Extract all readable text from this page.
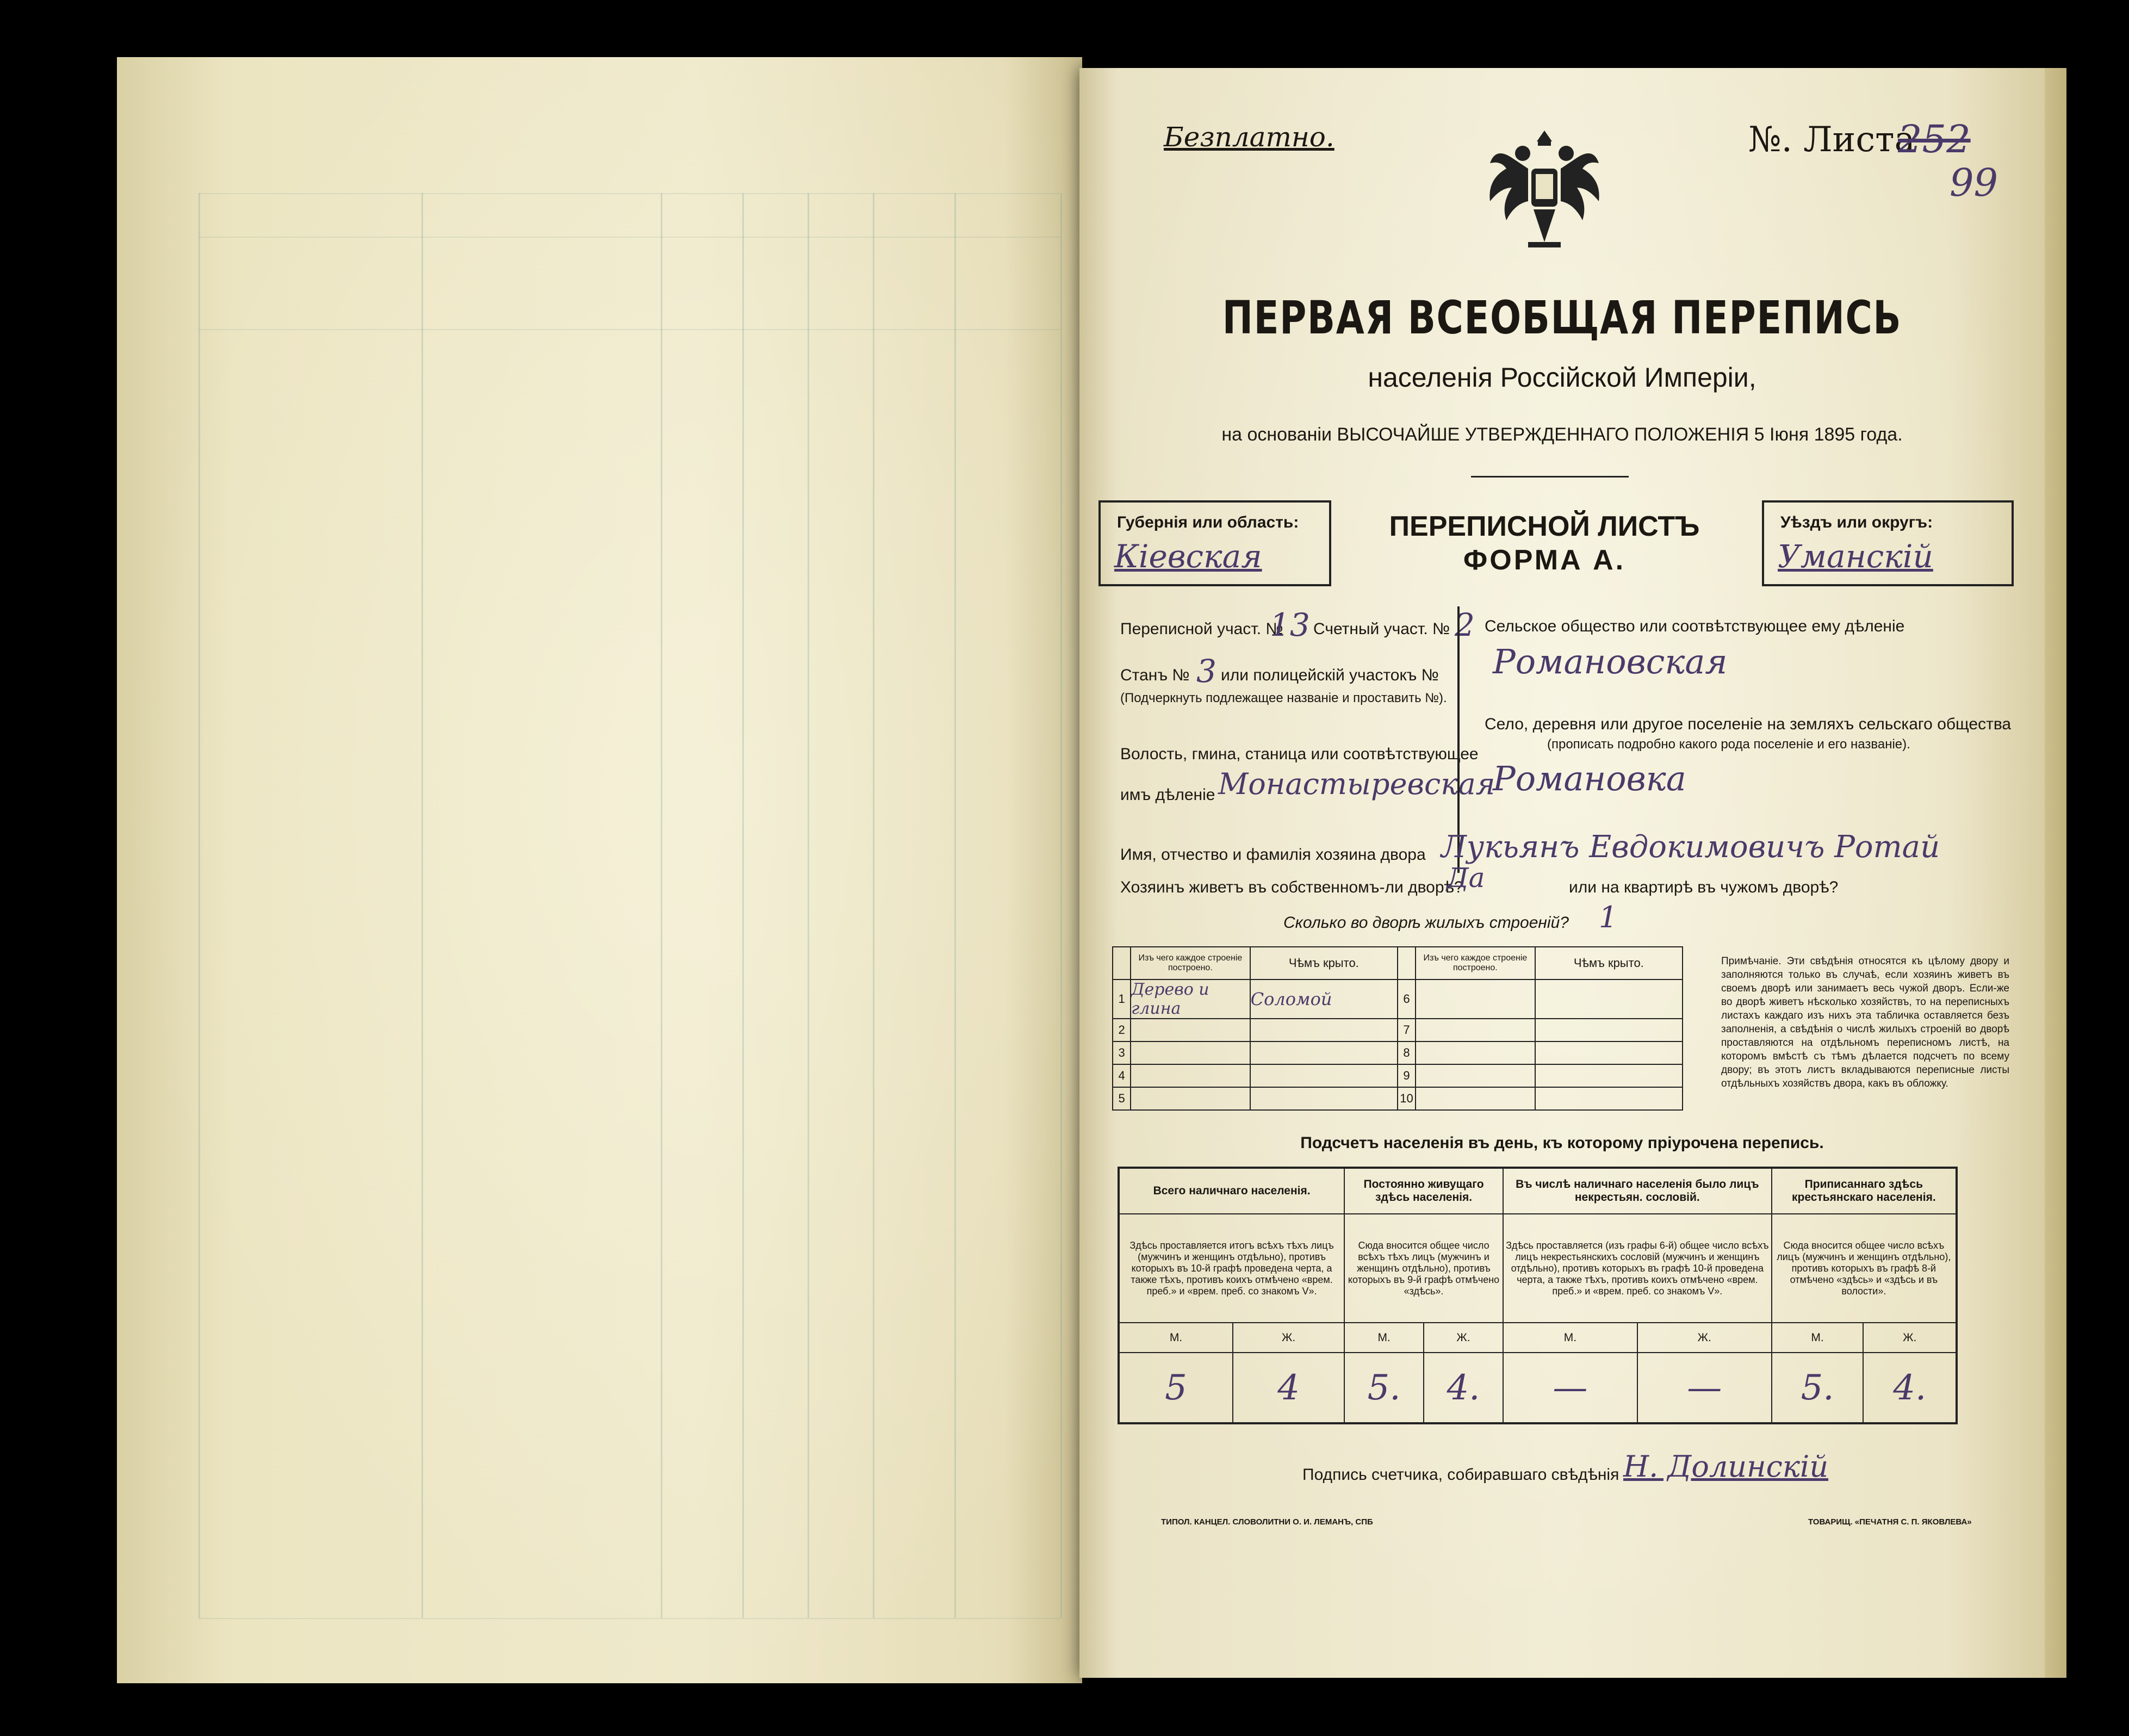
Безплатно.	№. Листа
252
99
ПЕРВАЯ ВСЕОБЩАЯ ПЕРЕПИСЬ
населенія Россійской Имперіи,
на основаніи ВЫСОЧАЙШЕ УТВЕРЖДЕННАГО ПОЛОЖЕНІЯ 5 Іюня 1895 года.
Губернія или область:
Кіевская
ПЕРЕПИСНОЙ ЛИСТЪ
ФОРМА А.
Уѣздъ или округъ:
Уманскій
Переписной участ. №
13 Счетный участ. № 2
Станъ № 3 или полицейскій участокъ №
(Подчеркнуть подлежащее названіе и проставить №).
Волость, гмина, станица или соотвѣтствующее
имъ дѣленіе Монастыревская
Сельское общество или соотвѣтствующее ему дѣленіе
Романовская
Село, деревня или другое поселеніе на земляхъ сельскаго общества
(прописать подробно какого рода поселеніе и его названіе).
Романовка
Имя, отчество и фамилія хозяина двора Лукьянъ Евдокимовичъ Ротай
Хозяинъ живетъ въ собственномъ-ли дворѣ?
Да	или на квартирѣ въ чужомъ дворѣ?
Сколько во дворѣ жилыхъ строеній? 1
	Изъ чего каждое строеніе построено.	Чѣмъ крыто.		Изъ чего каждое строеніе построено.	Чѣмъ крыто.
1	Дерево и глина	Соломой	6		
2			7		
3			8		
4			9		
5			10		
Примѣчаніе. Эти свѣдѣнія относятся къ цѣлому двору и заполняются только въ случаѣ, если хозяинъ живетъ въ своемъ дворѣ или занимаетъ весь чужой дворъ. Если-же во дворѣ живетъ нѣсколько хозяйствъ, то на переписныхъ листахъ каждаго изъ нихъ эта табличка оставляется безъ заполненія, а свѣдѣнія о числѣ жилыхъ строеній во дворѣ проставляются на отдѣльномъ переписномъ листѣ, на которомъ вмѣстѣ съ тѣмъ дѣлается подсчетъ по всему двору; въ этотъ листъ вкладываются переписные листы отдѣльныхъ хозяйствъ двора, какъ въ обложку.
Подсчетъ населенія въ день, къ которому пріурочена перепись.
Всего наличнаго населенія.		Постоянно живущаго здѣсь населенія.		Въ числѣ наличнаго населенія было лицъ некрестьян. сословій.		Приписаннаго здѣсь крестьянскаго населенія.	
Здѣсь проставляется итогъ всѣхъ тѣхъ лицъ (мужчинъ и женщинъ отдѣльно), противъ которыхъ въ 10-й графѣ проведена черта, а также тѣхъ, противъ коихъ отмѣчено «врем. преб.» и «врем. преб. со знакомъ V».		Сюда вносится общее число всѣхъ тѣхъ лицъ (мужчинъ и женщинъ отдѣльно), противъ которыхъ въ 9-й графѣ отмѣчено «здѣсь».		Здѣсь проставляется (изъ графы 6-й) общее число всѣхъ лицъ некрестьянскихъ сословій (мужчинъ и женщинъ отдѣльно), противъ которыхъ въ графѣ 10-й проведена черта, а также тѣхъ, противъ коихъ отмѣчено «врем. преб.» и «врем. преб. со знакомъ V».		Сюда вносится общее число всѣхъ лицъ (мужчинъ и женщинъ отдѣльно), противъ которыхъ въ графѣ 8-й отмѣчено «здѣсь» и «здѣсь и въ волости».	
М.	Ж.	М.	Ж.	М.	Ж.	М.	Ж.
5	4	5.	4.	—	—	5.	4.
Подпись счетчика, собиравшаго свѣдѣнія Н. Долинскій
ТИПОЛ. КАНЦЕЛ. СЛОВОЛИТНИ О. И. ЛЕМАНЪ, СПБ	ТОВАРИЩ. «ПЕЧАТНЯ С. П. ЯКОВЛЕВА»
